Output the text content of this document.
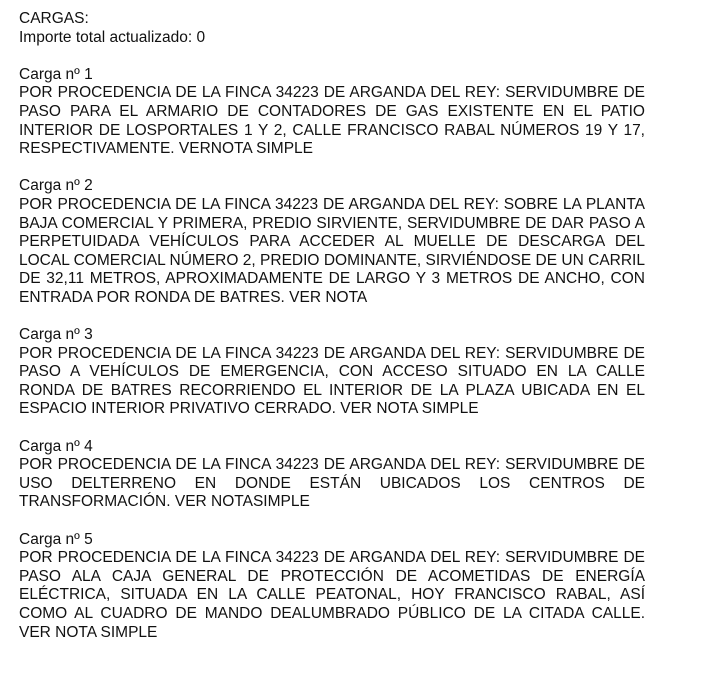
CARGAS:

Importe total actualizado: 0

Carga nº 1

POR PROCEDENCIA DE LA FINCA 34223 DE ARGANDA DEL REY: SERVIDUMBRE DE PASO PARA EL ARMARIO DE CONTADORES DE GAS EXISTENTE EN EL PATIO INTERIOR DE LOSPORTALES 1 Y 2, CALLE FRANCISCO RABAL NÚMEROS 19 Y 17, RESPECTIVAMENTE. VERNOTA SIMPLE

Carga nº 2

POR PROCEDENCIA DE LA FINCA 34223 DE ARGANDA DEL REY: SOBRE LA PLANTA BAJA COMERCIAL Y PRIMERA, PREDIO SIRVIENTE, SERVIDUMBRE DE DAR PASO A PERPETUIDADA VEHÍCULOS PARA ACCEDER AL MUELLE DE DESCARGA DEL LOCAL COMERCIAL NÚMERO 2, PREDIO DOMINANTE, SIRVIÉNDOSE DE UN CARRIL DE 32,11 METROS, APROXIMADAMENTE DE LARGO Y 3 METROS DE ANCHO, CON ENTRADA POR RONDA DE BATRES. VER NOTA

Carga nº 3

POR PROCEDENCIA DE LA FINCA 34223 DE ARGANDA DEL REY: SERVIDUMBRE DE PASO A VEHÍCULOS DE EMERGENCIA, CON ACCESO SITUADO EN LA CALLE RONDA DE BATRES RECORRIENDO EL INTERIOR DE LA PLAZA UBICADA EN EL ESPACIO INTERIOR PRIVATIVO CERRADO. VER NOTA SIMPLE

Carga nº 4

POR PROCEDENCIA DE LA FINCA 34223 DE ARGANDA DEL REY: SERVIDUMBRE DE USO DELTERRENO EN DONDE ESTÁN UBICADOS LOS CENTROS DE TRANSFORMACIÓN. VER NOTASIMPLE

Carga nº 5

POR PROCEDENCIA DE LA FINCA 34223 DE ARGANDA DEL REY: SERVIDUMBRE DE PASO ALA CAJA GENERAL DE PROTECCIÓN DE ACOMETIDAS DE ENERGÍA ELÉCTRICA, SITUADA EN LA CALLE PEATONAL, HOY FRANCISCO RABAL, ASÍ COMO AL CUADRO DE MANDO DEALUMBRADO PÚBLICO DE LA CITADA CALLE. VER NOTA SIMPLE
